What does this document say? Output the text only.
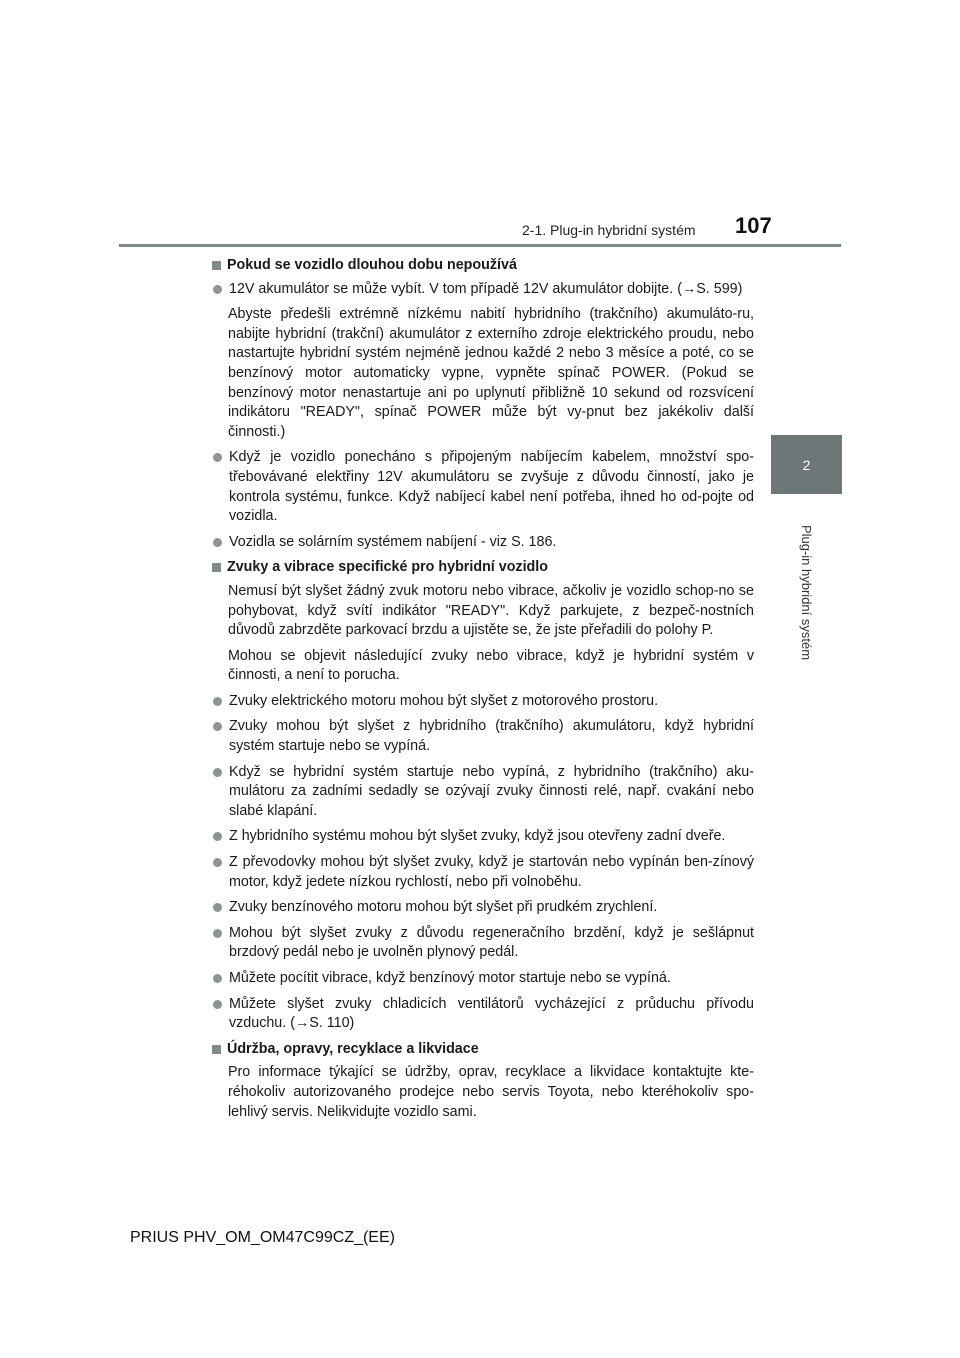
2-1. Plug-in hybridní systém 107
2
Plug-in hybridní systém
Pokud se vozidlo dlouhou dobu nepoužívá
12V akumulátor se může vybít. V tom případě 12V akumulátor dobijte. (→S. 599)
Abyste předešli extrémně nízkému nabití hybridního (trakčního) akumuláto-ru, nabijte hybridní (trakční) akumulátor z externího zdroje elektrického proudu, nebo nastartujte hybridní systém nejméně jednou každé 2 nebo 3 měsíce a poté, co se benzínový motor automaticky vypne, vypněte spínač POWER. (Pokud se benzínový motor nenastartuje ani po uplynutí přibližně 10 sekund od rozsvícení indikátoru "READY", spínač POWER může být vy-pnut bez jakékoliv další činnosti.)
Když je vozidlo ponecháno s připojeným nabíjecím kabelem, množství spo-třebovávané elektřiny 12V akumulátoru se zvyšuje z důvodu činností, jako je kontrola systému, funkce. Když nabíjecí kabel není potřeba, ihned ho od-pojte od vozidla.
Vozidla se solárním systémem nabíjení - viz S. 186.
Zvuky a vibrace specifické pro hybridní vozidlo
Nemusí být slyšet žádný zvuk motoru nebo vibrace, ačkoliv je vozidlo schop-no se pohybovat, když svítí indikátor "READY". Když parkujete, z bezpeč-nostních důvodů zabrzděte parkovací brzdu a ujistěte se, že jste přeřadili do polohy P.
Mohou se objevit následující zvuky nebo vibrace, když je hybridní systém v činnosti, a není to porucha.
Zvuky elektrického motoru mohou být slyšet z motorového prostoru.
Zvuky mohou být slyšet z hybridního (trakčního) akumulátoru, když hybridní systém startuje nebo se vypíná.
Když se hybridní systém startuje nebo vypíná, z hybridního (trakčního) aku-mulátoru za zadními sedadly se ozývají zvuky činnosti relé, např. cvakání nebo slabé klapání.
Z hybridního systému mohou být slyšet zvuky, když jsou otevřeny zadní dveře.
Z převodovky mohou být slyšet zvuky, když je startován nebo vypínán ben-zínový motor, když jedete nízkou rychlostí, nebo při volnoběhu.
Zvuky benzínového motoru mohou být slyšet při prudkém zrychlení.
Mohou být slyšet zvuky z důvodu regeneračního brzdění, když je sešlápnut brzdový pedál nebo je uvolněn plynový pedál.
Můžete pocítit vibrace, když benzínový motor startuje nebo se vypíná.
Můžete slyšet zvuky chladicích ventilátorů vycházející z průduchu přívodu vzduchu. (→S. 110)
Údržba, opravy, recyklace a likvidace
Pro informace týkající se údržby, oprav, recyklace a likvidace kontaktujte kte-réhokoliv autorizovaného prodejce nebo servis Toyota, nebo kteréhokoliv spo-lehlivý servis. Nelikvidujte vozidlo sami.
PRIUS PHV_OM_OM47C99CZ_(EE)
